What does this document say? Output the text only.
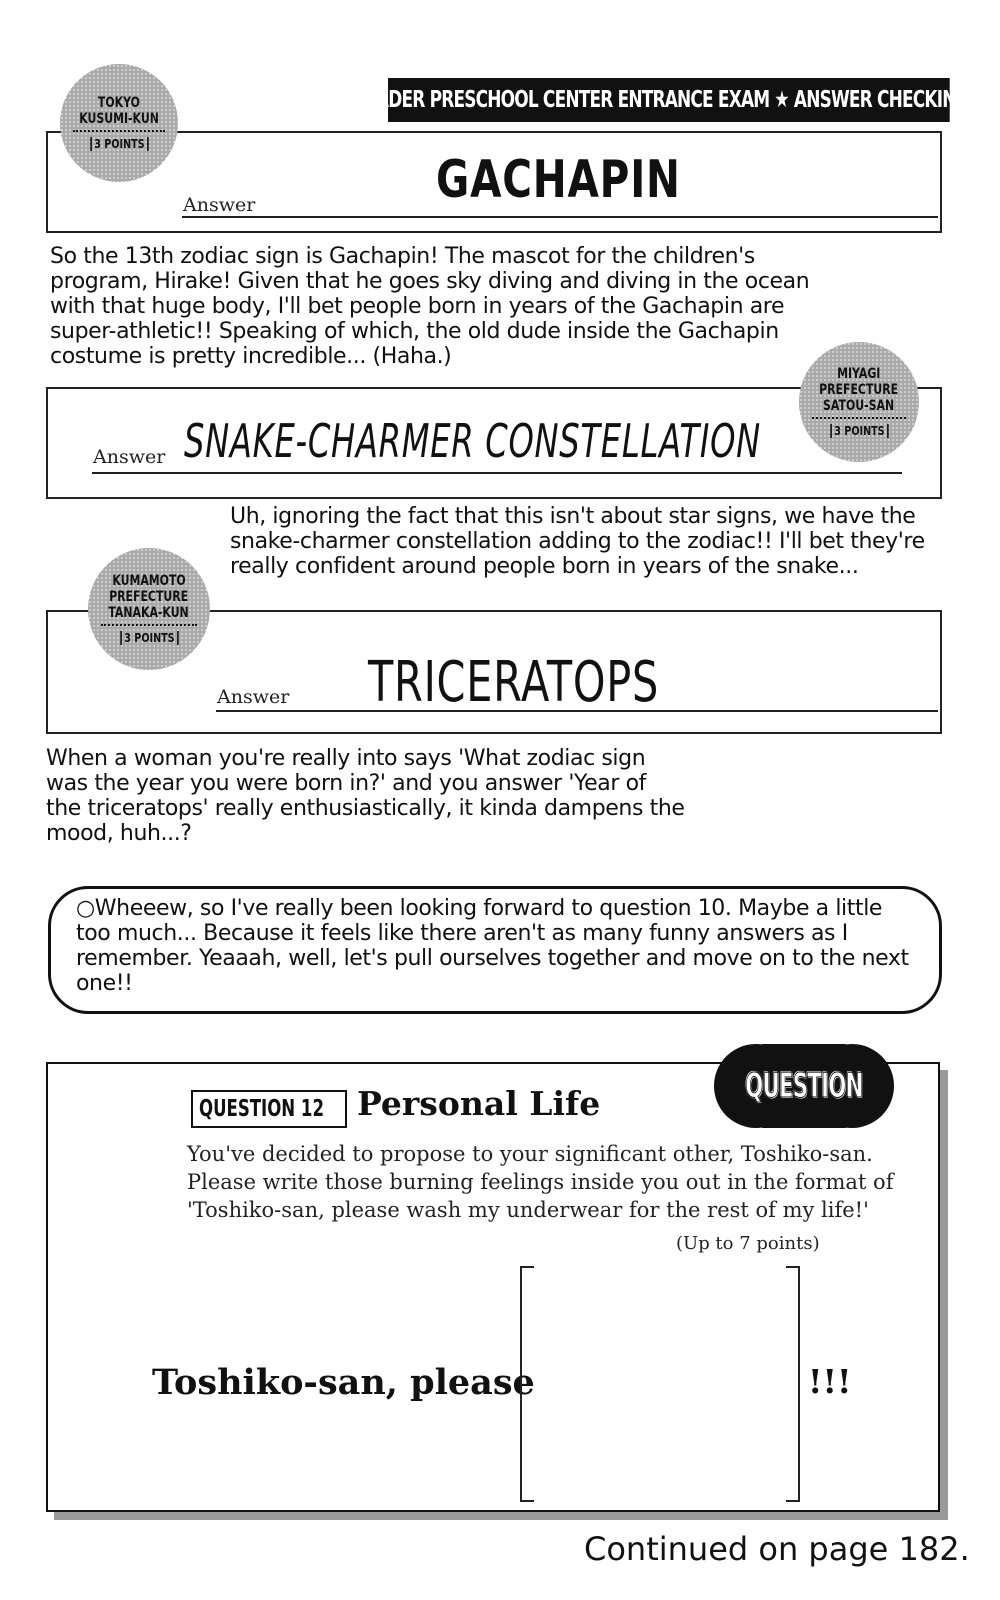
LEADER PRESCHOOL CENTER ENTRANCE EXAM ★ ANSWER CHECKING!!
Answer	GACHAPIN
TOKYO
KUSUMI-KUN
3 POINTS
So the 13th zodiac sign is Gachapin! The mascot for the children's program, Hirake! Given that he goes sky diving and diving in the ocean with that huge body, I'll bet people born in years of the Gachapin are super-athletic!! Speaking of which, the old dude inside the Gachapin costume is pretty incredible... (Haha.)
Answer SNAKE-CHARMER CONSTELLATION
MIYAGI
PREFECTURE
SATOU-SAN
3 POINTS
Uh, ignoring the fact that this isn't about star signs, we have the snake-charmer constellation adding to the zodiac!! I'll bet they're really confident around people born in years of the snake...
Answer TRICERATOPS
KUMAMOTO
PREFECTURE
TANAKA-KUN
3 POINTS
When a woman you're really into says 'What zodiac sign was the year you were born in?' and you answer 'Year of the triceratops' really enthusiastically, it kinda dampens the mood, huh...?
○Wheeew, so I've really been looking forward to question 10. Maybe a little too much... Because it feels like there aren't as many funny answers as I remember. Yeaaah, well, let's pull ourselves together and move on to the next one!!
QUESTION
QUESTION 12 Personal Life
You've decided to propose to your significant other, Toshiko-san. Please write those burning feelings inside you out in the format of 'Toshiko-san, please wash my underwear for the rest of my life!'
(Up to 7 points)
Toshiko-san, please	!!!
Continued on page 182.
